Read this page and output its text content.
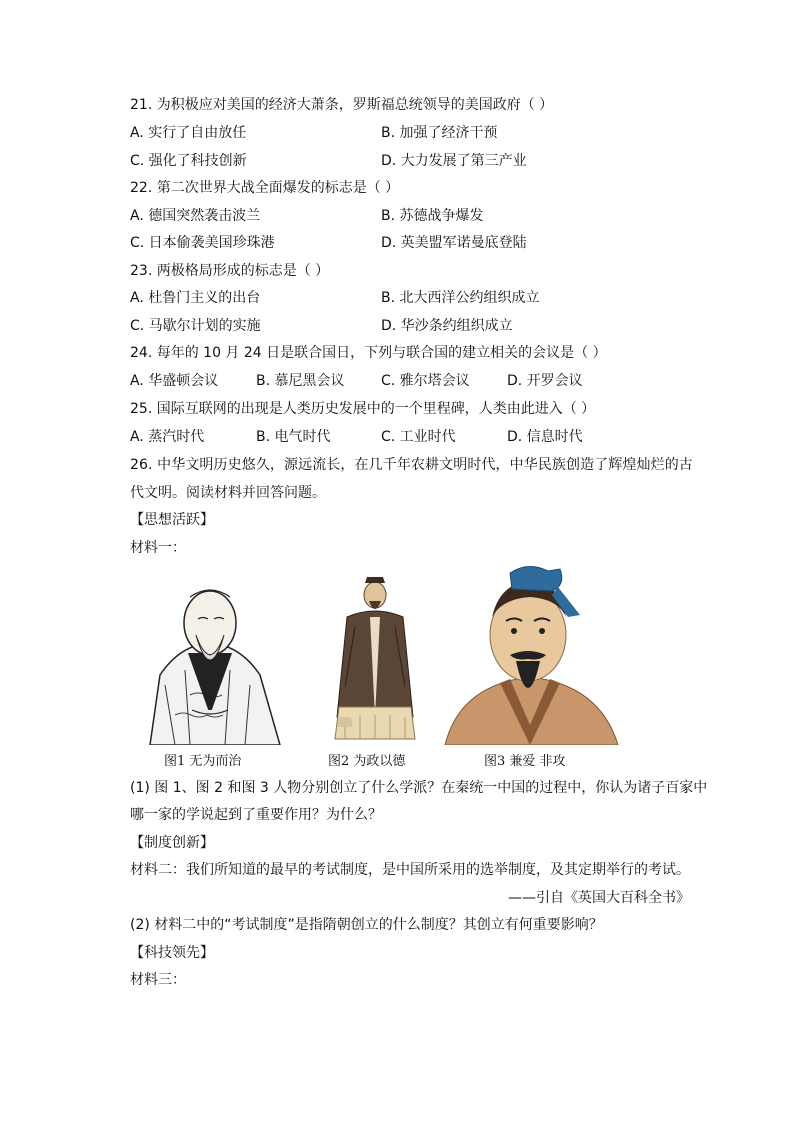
21. 为积极应对美国的经济大萧条，罗斯福总统领导的美国政府（ ）
A. 实行了自由放任	B. 加强了经济干预
C. 强化了科技创新	D. 大力发展了第三产业
22. 第二次世界大战全面爆发的标志是（ ）
A. 德国突然袭击波兰	B. 苏德战争爆发
C. 日本偷袭美国珍珠港	D. 英美盟军诺曼底登陆
23. 两极格局形成的标志是（ ）
A. 杜鲁门主义的出台	B. 北大西洋公约组织成立
C. 马歇尔计划的实施	D. 华沙条约组织成立
24. 每年的 10 月 24 日是联合国日，下列与联合国的建立相关的会议是（ ）
A. 华盛顿会议	B. 慕尼黑会议	C. 雅尔塔会议	D. 开罗会议
25. 国际互联网的出现是人类历史发展中的一个里程碑，人类由此进入（ ）
A. 蒸汽时代	B. 电气时代	C. 工业时代	D. 信息时代
26. 中华文明历史悠久，源远流长，在几千年农耕文明时代，中华民族创造了辉煌灿烂的古
代文明。阅读材料并回答问题。
【思想活跃】
材料一：
图1 无为而治	图2 为政以德	图3 兼爱 非攻
(1) 图 1、图 2 和图 3 人物分别创立了什么学派？在秦统一中国的过程中，你认为诸子百家中
哪一家的学说起到了重要作用？为什么？
【制度创新】
材料二：我们所知道的最早的考试制度，是中国所采用的选举制度，及其定期举行的考试。
——引自《英国大百科全书》
(2) 材料二中的“考试制度”是指隋朝创立的什么制度？其创立有何重要影响？
【科技领先】
材料三：
